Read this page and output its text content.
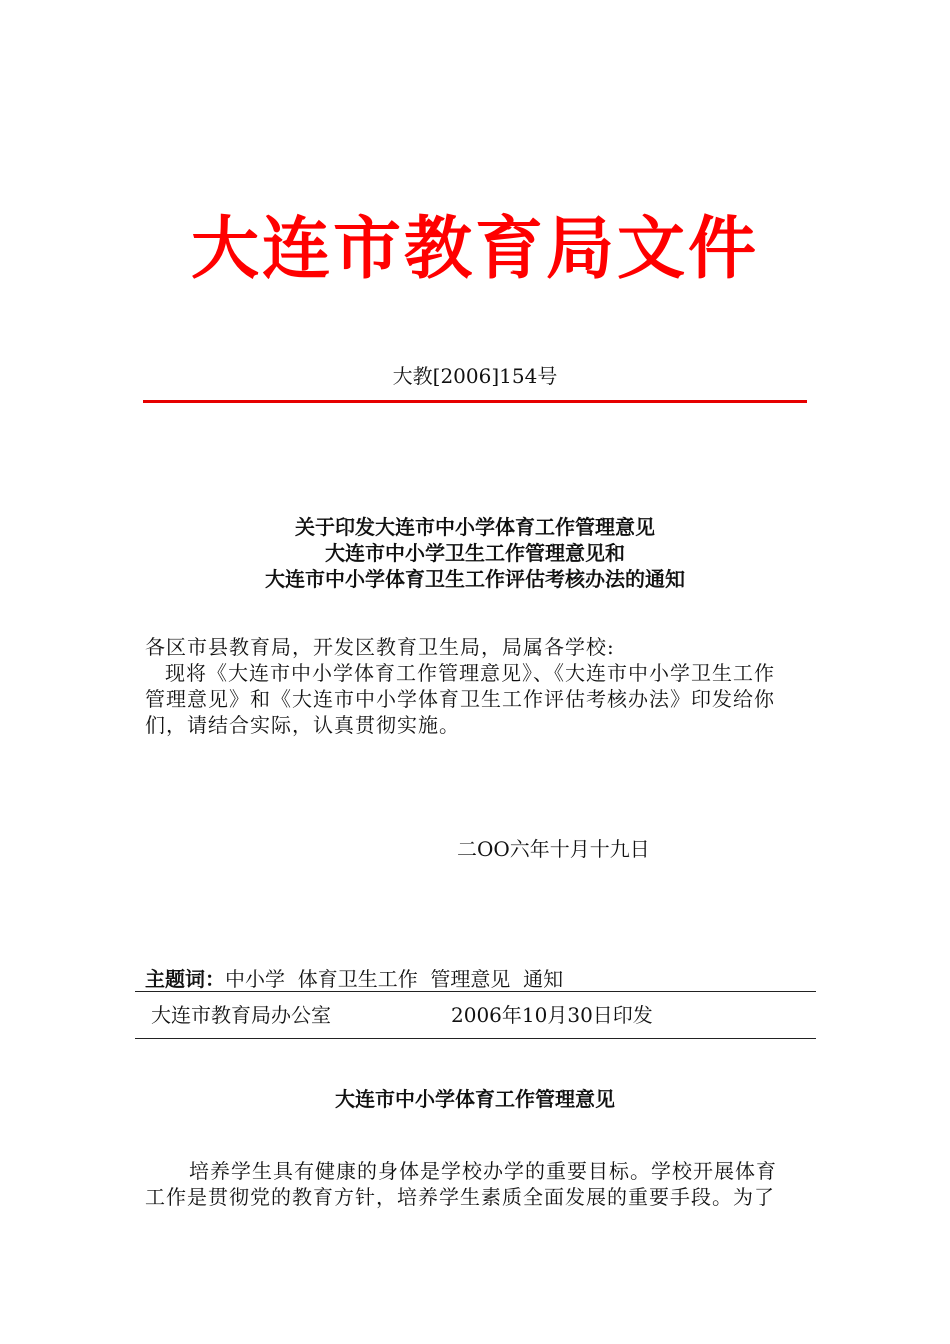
大连市教育局文件
大教[2006]154号
关于印发大连市中小学体育工作管理意见
大连市中小学卫生工作管理意见和
大连市中小学体育卫生工作评估考核办法的通知
各区市县教育局，开发区教育卫生局，局属各学校:
现将《大连市中小学体育工作管理意见》、《大连市中小学卫生工作
管理意见》和《大连市中小学体育卫生工作评估考核办法》印发给你
们，请结合实际，认真贯彻实施。
二OO六年十月十九日
主题词：中小学  体育卫生工作  管理意见  通知
大连市教育局办公室	2006年10月30日印发
大连市中小学体育工作管理意见
培养学生具有健康的身体是学校办学的重要目标。学校开展体育
工作是贯彻党的教育方针，培养学生素质全面发展的重要手段。为了
